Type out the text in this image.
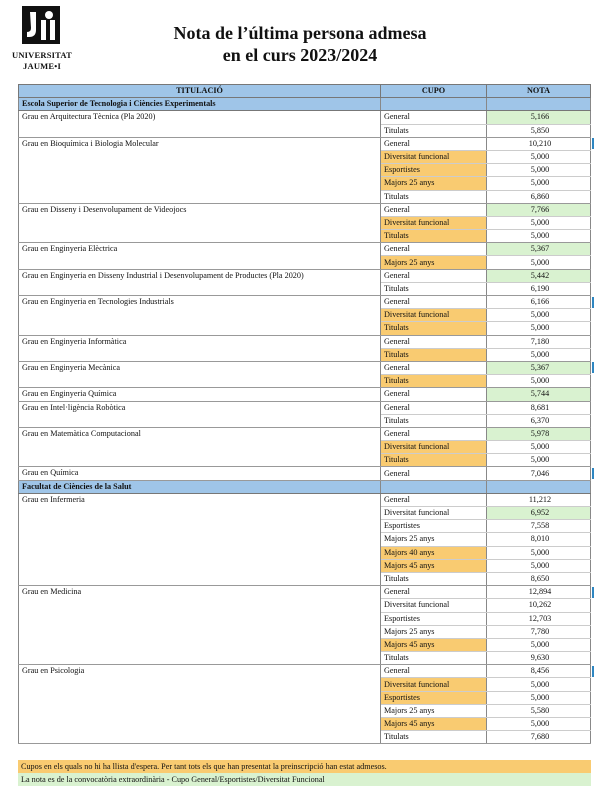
UNIVERSITAT
JAUME•I
Nota de l’última persona admesa
en el curs 2023/2024
TITULACIÓ	CUPO	NOTA
Escola Superior de Tecnologia i Ciències Experimentals		
Grau en Arquitectura Tècnica (Pla 2020)	General	5,166
	Titulats	5,850
Grau en Bioquímica i Biologia Molecular	General	10,210
	Diversitat funcional	5,000
	Esportistes	5,000
	Majors 25 anys	5,000
	Titulats	6,860
Grau en Disseny i Desenvolupament de Videojocs	General	7,766
	Diversitat funcional	5,000
	Titulats	5,000
Grau en Enginyeria Elèctrica	General	5,367
	Majors 25 anys	5,000
Grau en Enginyeria en Disseny Industrial i Desenvolupament de Productes (Pla 2020)	General	5,442
	Titulats	6,190
Grau en Enginyeria en Tecnologies Industrials	General	6,166
	Diversitat funcional	5,000
	Titulats	5,000
Grau en Enginyeria Informàtica	General	7,180
	Titulats	5,000
Grau en Enginyeria Mecànica	General	5,367
	Titulats	5,000
Grau en Enginyeria Química	General	5,744
Grau en Intel·ligència Robòtica	General	8,681
	Titulats	6,370
Grau en Matemàtica Computacional	General	5,978
	Diversitat funcional	5,000
	Titulats	5,000
Grau en Química	General	7,046
Facultat de Ciències de la Salut		
Grau en Infermeria	General	11,212
	Diversitat funcional	6,952
	Esportistes	7,558
	Majors 25 anys	8,010
	Majors 40 anys	5,000
	Majors 45 anys	5,000
	Titulats	8,650
Grau en Medicina	General	12,894
	Diversitat funcional	10,262
	Esportistes	12,703
	Majors 25 anys	7,780
	Majors 45 anys	5,000
	Titulats	9,630
Grau en Psicologia	General	8,456
	Diversitat funcional	5,000
	Esportistes	5,000
	Majors 25 anys	5,580
	Majors 45 anys	5,000
	Titulats	7,680
Cupos en els quals no hi ha llista d'espera. Per tant tots els que han presentat la preinscripció han estat admesos.
La nota es de la convocatòria extraordinària - Cupo General/Esportistes/Diversitat Funcional
